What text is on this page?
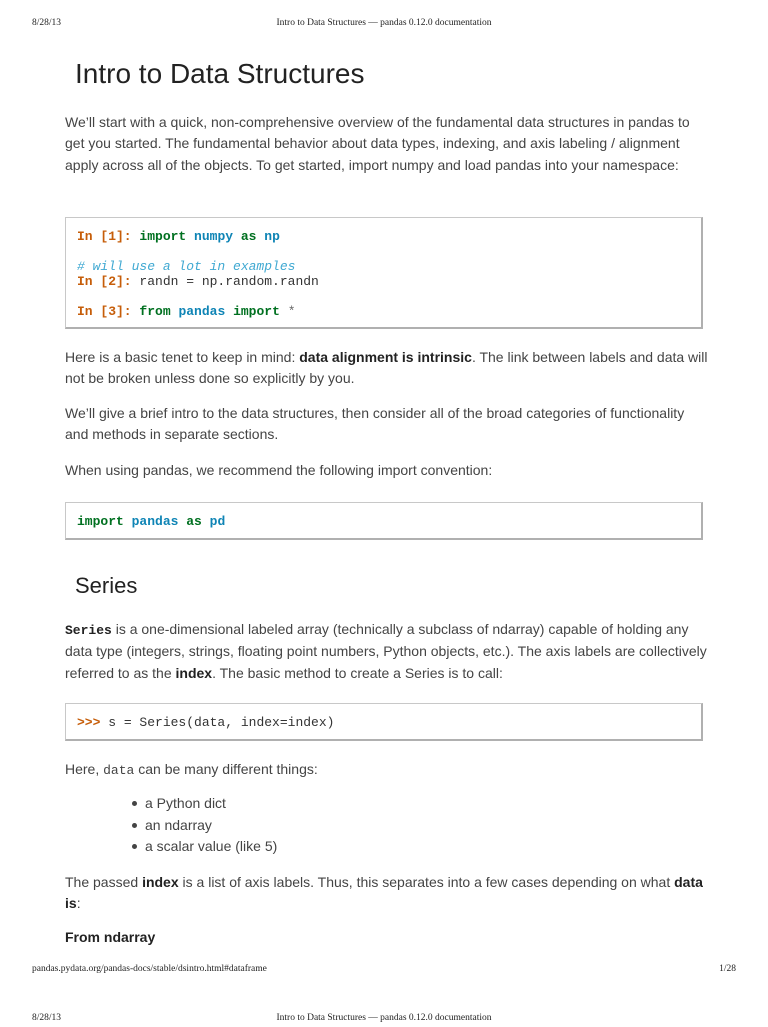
8/28/13	Intro to Data Structures — pandas 0.12.0 documentation
Intro to Data Structures

We’ll start with a quick, non-comprehensive overview of the fundamental data structures in pandas to get you started. The fundamental behavior about data types, indexing, and axis labeling / alignment apply across all of the objects. To get started, import numpy and load pandas into your namespace:

In [1]: import numpy as np
# will use a lot in examples
In [2]: randn = np.random.randn
In [3]: from pandas import *

Here is a basic tenet to keep in mind: data alignment is intrinsic. The link between labels and data will not be broken unless done so explicitly by you.

We’ll give a brief intro to the data structures, then consider all of the broad categories of functionality and methods in separate sections.

When using pandas, we recommend the following import convention:

import pandas as pd
Series

Series is a one-dimensional labeled array (technically a subclass of ndarray) capable of holding any data type (integers, strings, floating point numbers, Python objects, etc.). The axis labels are collectively referred to as the index. The basic method to create a Series is to call:

>>> s = Series(data, index=index)

Here, data can be many different things:

a Python dict
an ndarray
a scalar value (like 5)

The passed index is a list of axis labels. Thus, this separates into a few cases depending on what data is:

From ndarray
pandas.pydata.org/pandas-docs/stable/dsintro.html#dataframe	1/28
8/28/13	Intro to Data Structures — pandas 0.12.0 documentation
